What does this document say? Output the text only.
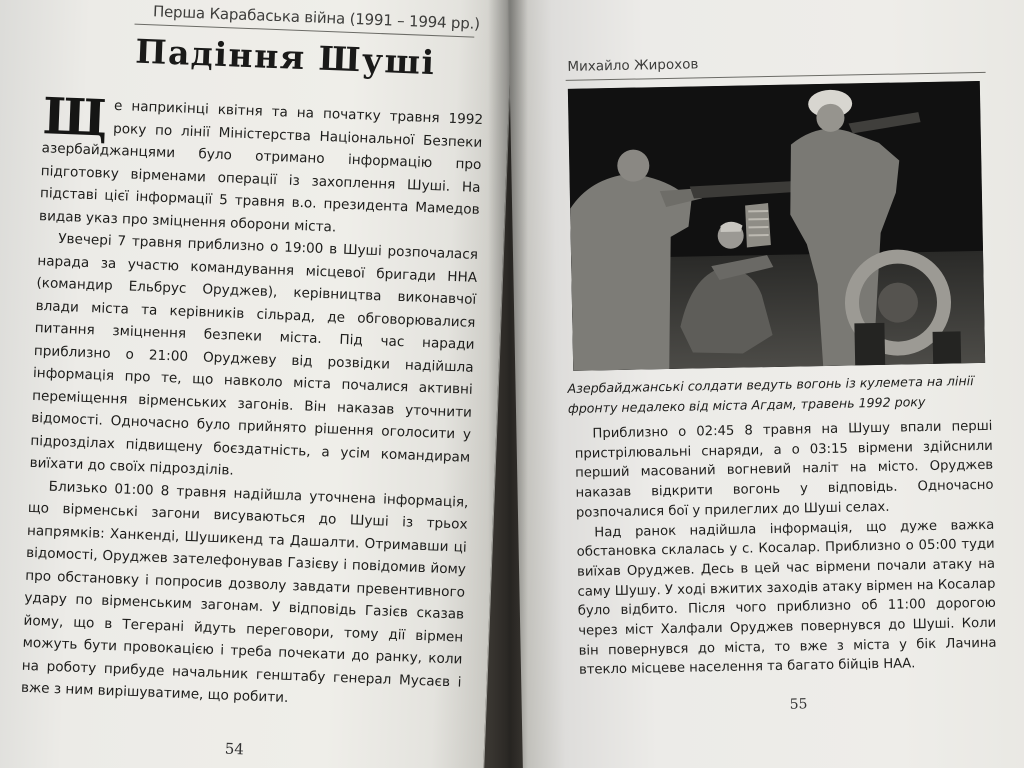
Перша Карабаська війна (1991 – 1994 рр.)
Падіння Шуші

Ще наприкінці квітня та на початку травня 1992 року по лінії Міністерства Національної Безпеки азербайджанцями було отримано інформацію про підготовку вірменами операції із захоплення Шуші. На підставі цієї інформації 5 травня в.о. президента Мамедов видав указ про зміцнення оборони міста.

Увечері 7 травня приблизно о 19:00 в Шуші розпочалася нарада за участю командування місцевої бригади ННА (командир Ельбрус Оруджев), керівництва виконавчої влади міста та керівників сільрад, де обговорювалися питання зміцнення безпеки міста. Під час наради приблизно о 21:00 Оруджеву від розвідки надійшла інформація про те, що навколо міста почалися активні переміщення вірменських загонів. Він наказав уточнити відомості. Одночасно було прийнято рішення оголосити у підрозділах підвищену боєздатність, а усім командирам виїхати до своїх підрозділів.

Близько 01:00 8 травня надійшла уточнена інформація, що вірменські загони висуваються до Шуші із трьох напрямків: Ханкенді, Шушикенд та Дашалти. Отримавши ці відомості, Оруджев зателефонував Газієву і повідомив йому про обстановку і попросив дозволу завдати превентивного удару по вірменським загонам. У відповідь Газієв сказав йому, що в Тегерані йдуть переговори, тому дії вірмен можуть бути провокацією і треба почекати до ранку, коли на роботу прибуде начальник генштабу генерал Мусаєв і вже з ним вирішуватиме, що робити.

54
Михайло Жирохов
Азербайджанські солдати ведуть вогонь із кулемета на лінії фронту недалеко від міста Агдам, травень 1992 року

Приблизно о 02:45 8 травня на Шушу впали перші пристрілювальні снаряди, а о 03:15 вірмени здійснили перший масований вогневий наліт на місто. Оруджев наказав відкрити вогонь у відповідь. Одночасно розпочалися бої у прилеглих до Шуші селах.

Над ранок надійшла інформація, що дуже важка обстановка склалась у с. Косалар. Приблизно о 05:00 туди виїхав Оруджев. Десь в цей час вірмени почали атаку на саму Шушу. У ході вжитих заходів атаку вірмен на Косалар було відбито. Після чого приблизно об 11:00 дорогою через міст Халфали Оруджев повернувся до Шуші. Коли він повернувся до міста, то вже з міста у бік Лачина втекло місцеве населення та багато бійців НАА.

55
